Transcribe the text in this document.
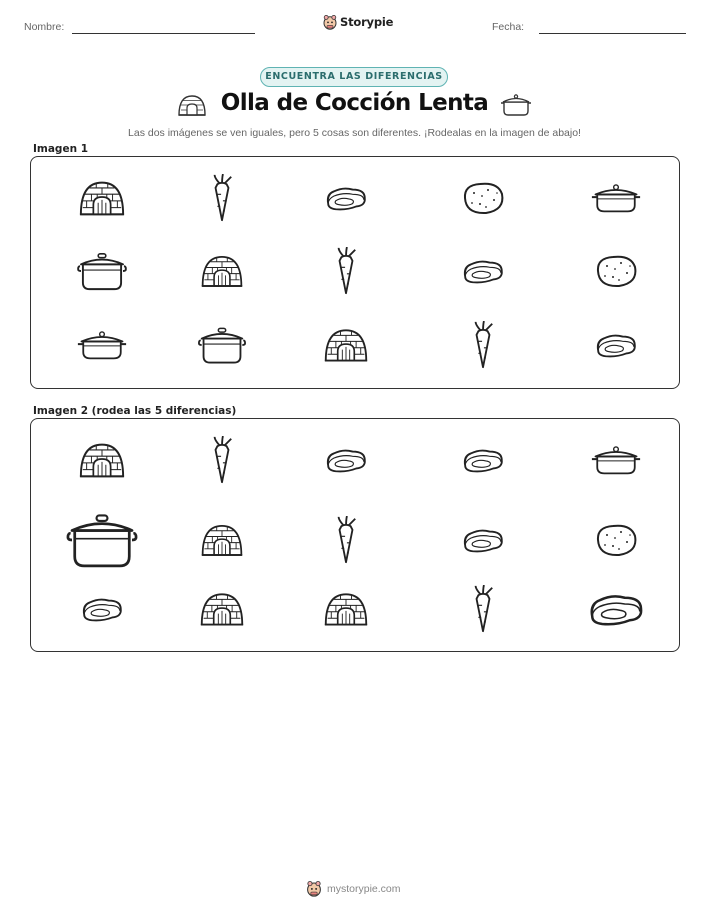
Nombre:	Storypie	Fecha:
ENCUENTRA LAS DIFERENCIAS
Olla de Cocción Lenta
Las dos imágenes se ven iguales, pero 5 cosas son diferentes. ¡Rodealas en la imagen de abajo!
Imagen 1
Imagen 2 (rodea las 5 diferencias)
mystorypie.com
